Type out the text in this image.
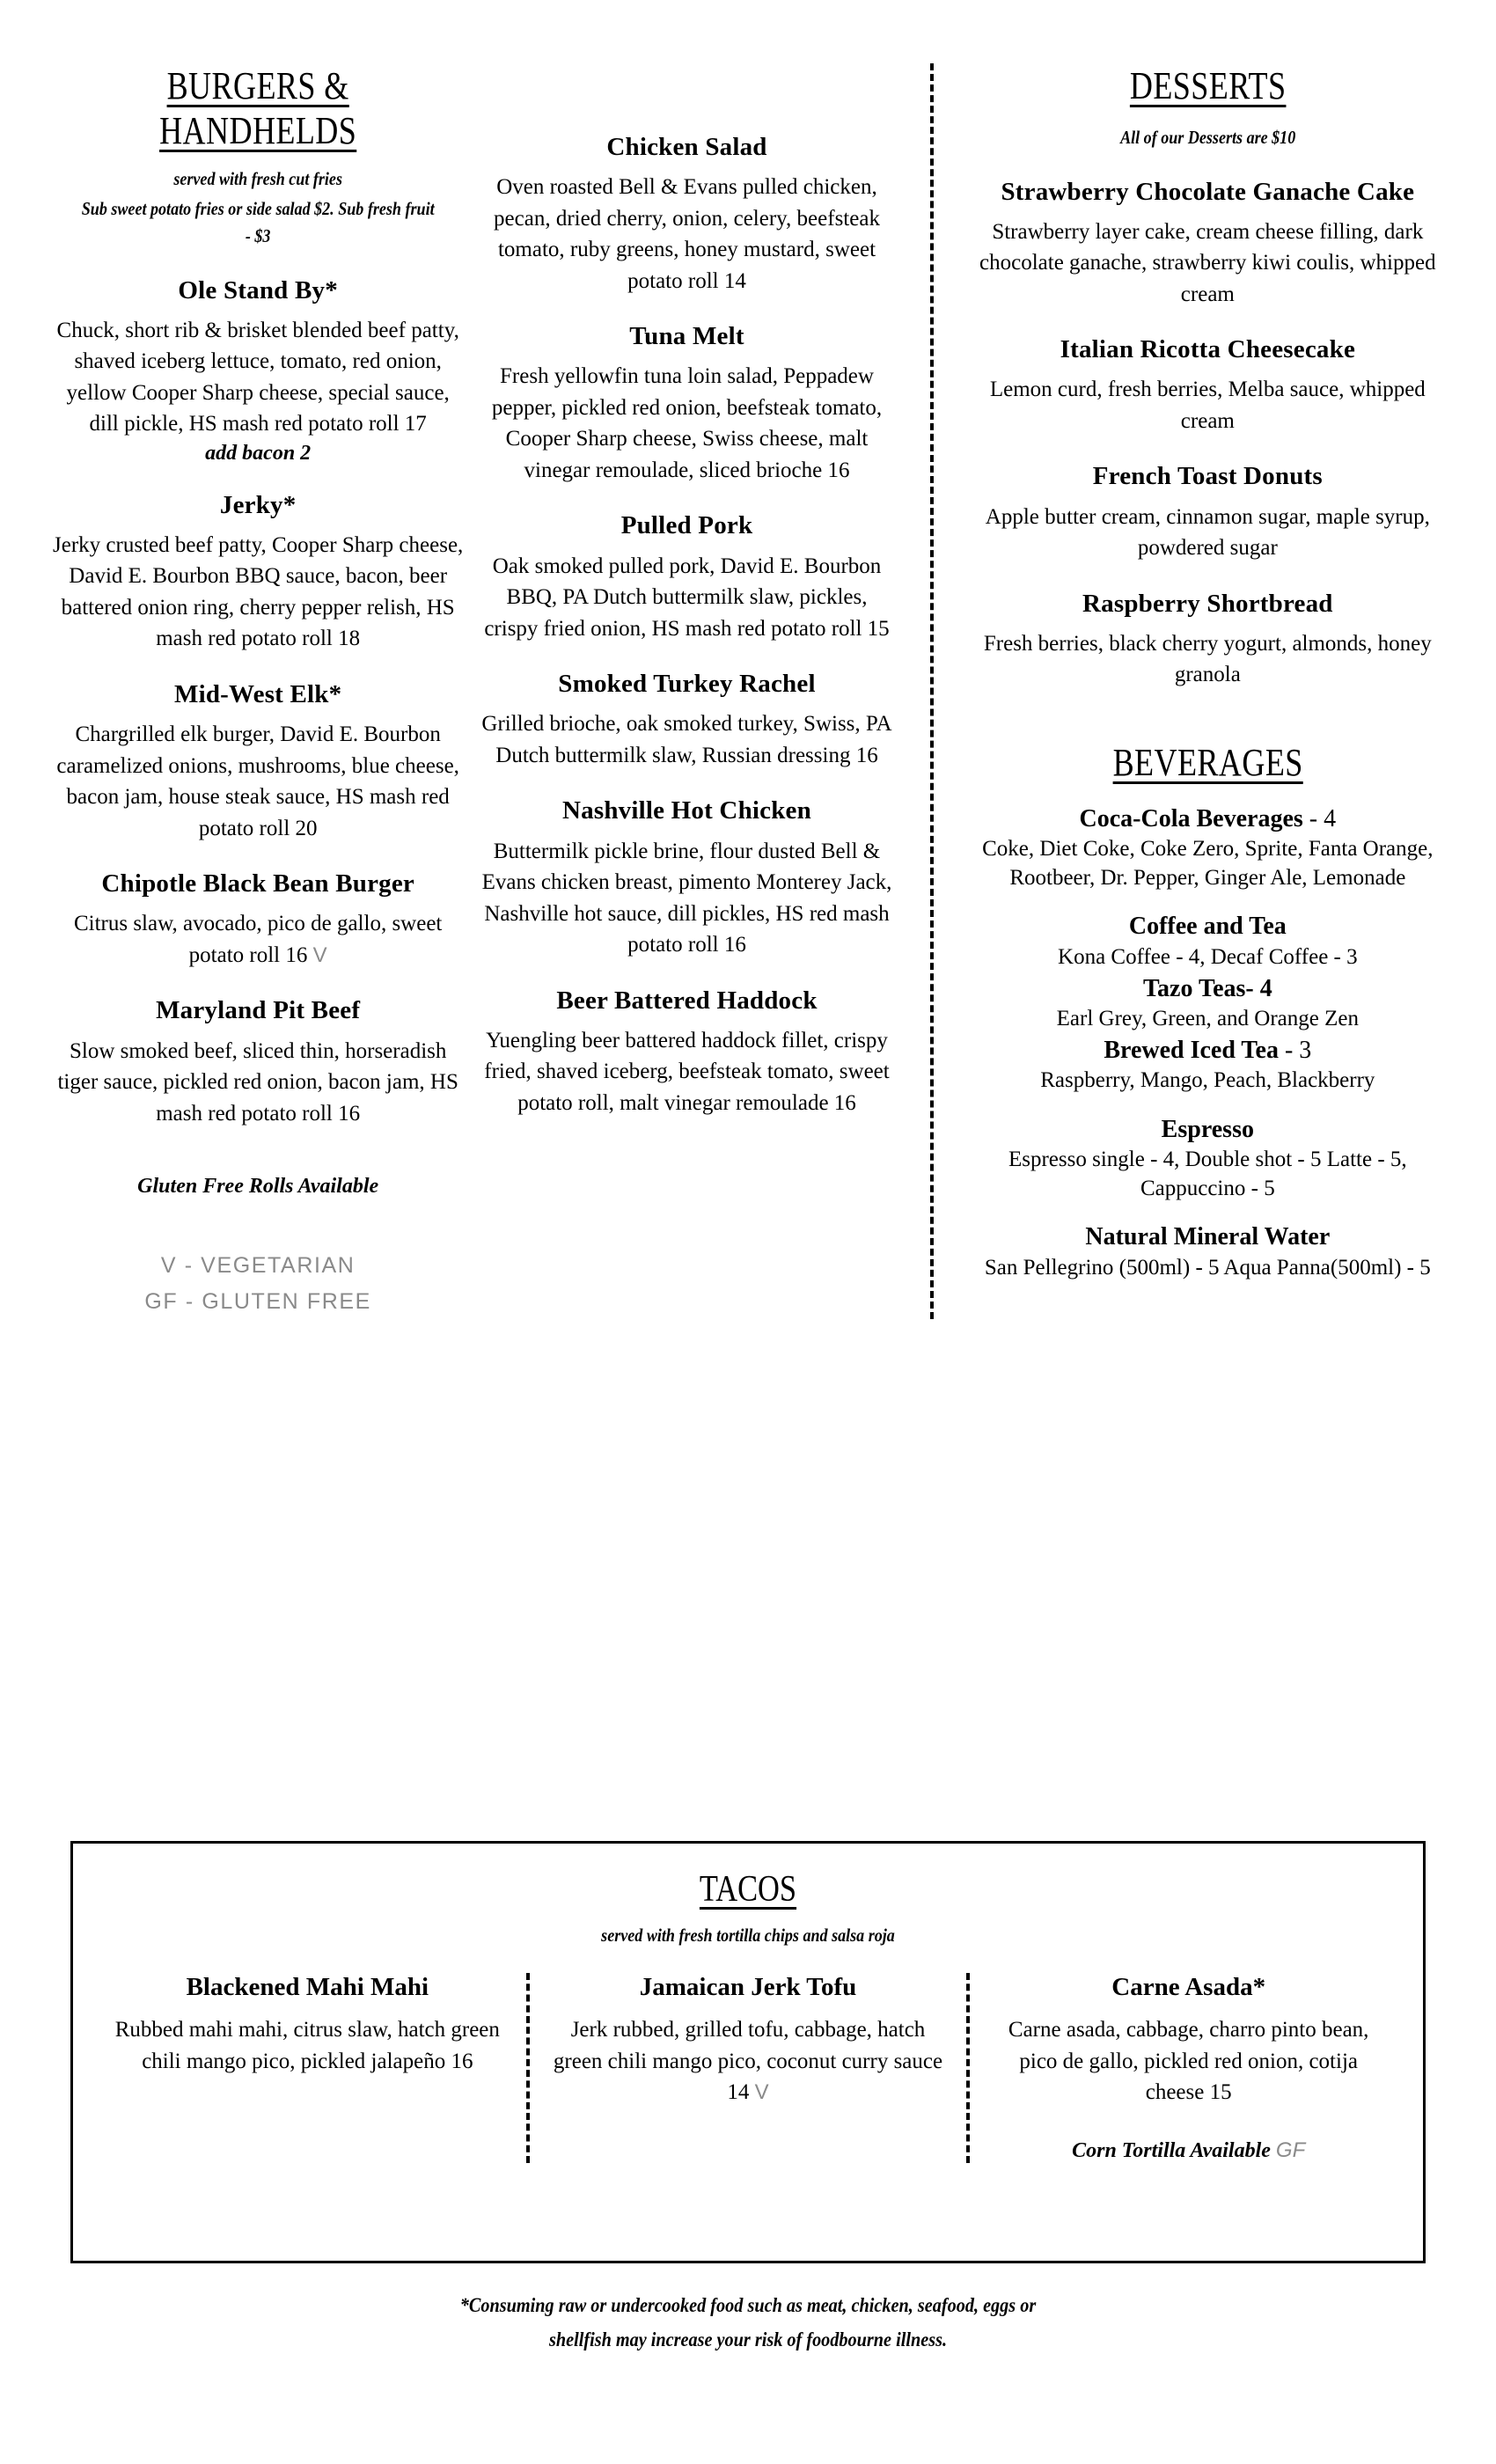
BURGERS & HANDHELDS
served with fresh cut fries
Sub sweet potato fries or side salad $2. Sub fresh fruit - $3
Ole Stand By*
Chuck, short rib & brisket blended beef patty, shaved iceberg lettuce, tomato, red onion, yellow Cooper Sharp cheese, special sauce, dill pickle, HS mash red potato roll 17
add bacon 2
Jerky*
Jerky crusted beef patty, Cooper Sharp cheese, David E. Bourbon BBQ sauce, bacon, beer battered onion ring, cherry pepper relish, HS mash red potato roll 18
Mid-West Elk*
Chargrilled elk burger, David E. Bourbon caramelized onions, mushrooms, blue cheese, bacon jam, house steak sauce, HS mash red potato roll 20
Chipotle Black Bean Burger
Citrus slaw, avocado, pico de gallo, sweet potato roll 16 V
Maryland Pit Beef
Slow smoked beef, sliced thin, horseradish tiger sauce, pickled red onion, bacon jam, HS mash red potato roll 16
Gluten Free Rolls Available
V - VEGETARIAN
GF - GLUTEN FREE
Chicken Salad
Oven roasted Bell & Evans pulled chicken, pecan, dried cherry, onion, celery, beefsteak tomato, ruby greens, honey mustard, sweet potato roll 14
Tuna Melt
Fresh yellowfin tuna loin salad, Peppadew pepper, pickled red onion, beefsteak tomato, Cooper Sharp cheese, Swiss cheese, malt vinegar remoulade, sliced brioche 16
Pulled Pork
Oak smoked pulled pork, David E. Bourbon BBQ, PA Dutch buttermilk slaw, pickles, crispy fried onion, HS mash red potato roll 15
Smoked Turkey Rachel
Grilled brioche, oak smoked turkey, Swiss, PA Dutch buttermilk slaw, Russian dressing 16
Nashville Hot Chicken
Buttermilk pickle brine, flour dusted Bell & Evans chicken breast, pimento Monterey Jack, Nashville hot sauce, dill pickles, HS red mash potato roll 16
Beer Battered Haddock
Yuengling beer battered haddock fillet, crispy fried, shaved iceberg, beefsteak tomato, sweet potato roll, malt vinegar remoulade 16
DESSERTS
All of our Desserts are $10
Strawberry Chocolate Ganache Cake
Strawberry layer cake, cream cheese filling, dark chocolate ganache, strawberry kiwi coulis, whipped cream
Italian Ricotta Cheesecake
Lemon curd, fresh berries, Melba sauce, whipped cream
French Toast Donuts
Apple butter cream, cinnamon sugar, maple syrup, powdered sugar
Raspberry Shortbread
Fresh berries, black cherry yogurt, almonds, honey granola
BEVERAGES
Coca-Cola Beverages - 4
Coke, Diet Coke, Coke Zero, Sprite, Fanta Orange, Rootbeer, Dr. Pepper, Ginger Ale, Lemonade
Coffee and Tea
Kona Coffee - 4, Decaf Coffee - 3
Tazo Teas- 4
Earl Grey, Green, and Orange Zen
Brewed Iced Tea - 3
Raspberry, Mango, Peach, Blackberry
Espresso
Espresso single - 4, Double shot - 5 Latte - 5, Cappuccino - 5
Natural Mineral Water
San Pellegrino (500ml) - 5 Aqua Panna(500ml) - 5
TACOS
served with fresh tortilla chips and salsa roja
Blackened Mahi Mahi
Rubbed mahi mahi, citrus slaw, hatch green chili mango pico, pickled jalapeño 16
Jamaican Jerk Tofu
Jerk rubbed, grilled tofu, cabbage, hatch green chili mango pico, coconut curry sauce 14 V
Carne Asada*
Carne asada, cabbage, charro pinto bean, pico de gallo, pickled red onion, cotija cheese 15
Corn Tortilla Available GF
*Consuming raw or undercooked food such as meat, chicken, seafood, eggs or
shellfish may increase your risk of foodbourne illness.
